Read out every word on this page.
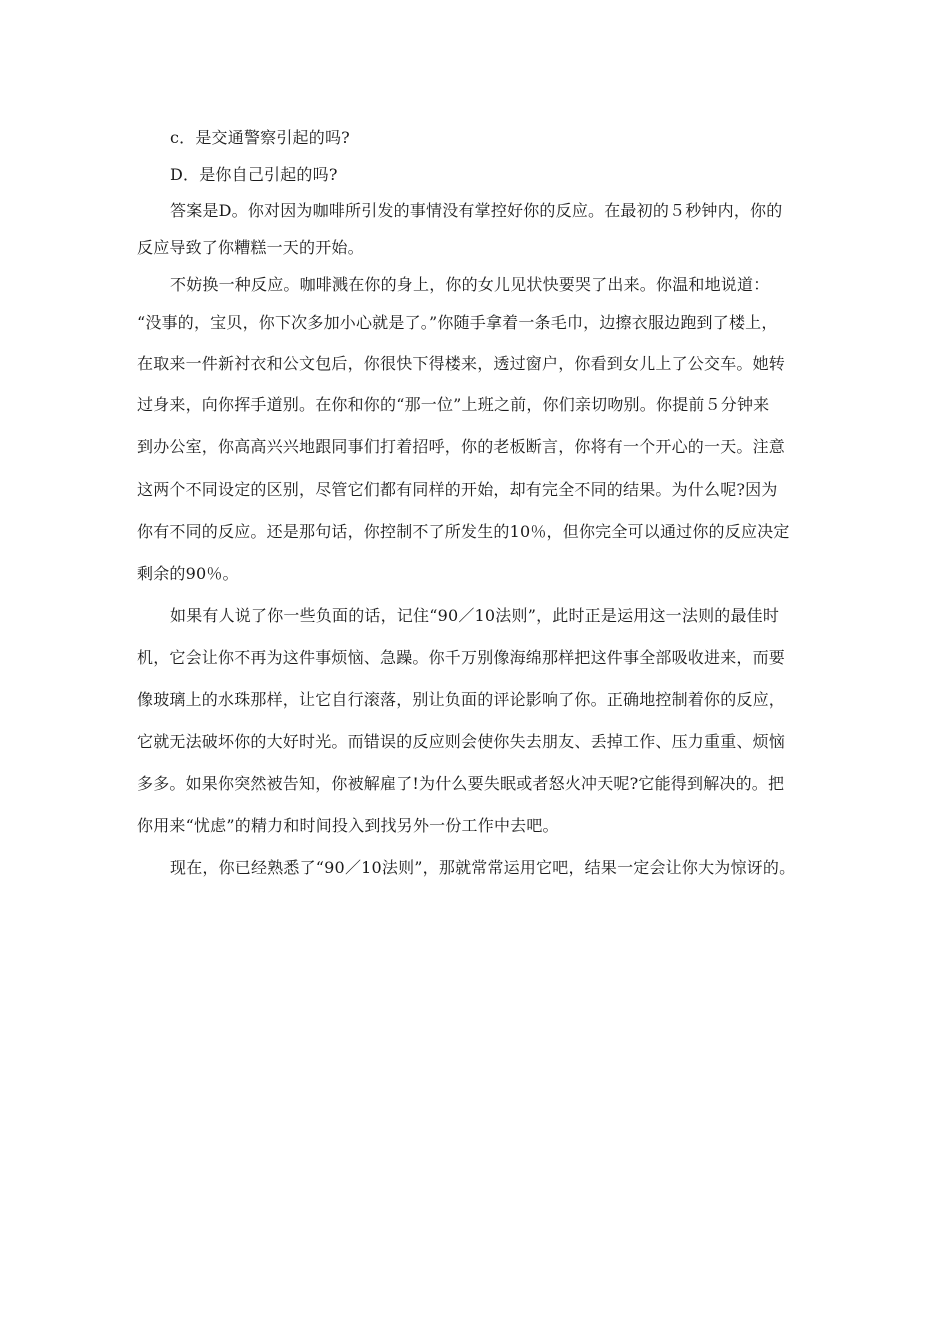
c．是交通警察引起的吗?
D．是你自己引起的吗?
答案是D。你对因为咖啡所引发的事情没有掌控好你的反应。在最初的５秒钟内，你的
反应导致了你糟糕一天的开始。
不妨换一种反应。咖啡溅在你的身上，你的女儿见状快要哭了出来。你温和地说道：
“没事的，宝贝，你下次多加小心就是了。”你随手拿着一条毛巾，边擦衣服边跑到了楼上，
在取来一件新衬衣和公文包后，你很快下得楼来，透过窗户，你看到女儿上了公交车。她转
过身来，向你挥手道别。在你和你的“那一位”上班之前，你们亲切吻别。你提前５分钟来
到办公室，你高高兴兴地跟同事们打着招呼，你的老板断言，你将有一个开心的一天。注意
这两个不同设定的区别，尽管它们都有同样的开始，却有完全不同的结果。为什么呢?因为
你有不同的反应。还是那句话，你控制不了所发生的10％，但你完全可以通过你的反应决定
剩余的90％。
如果有人说了你一些负面的话，记住“90／10法则”，此时正是运用这一法则的最佳时
机，它会让你不再为这件事烦恼、急躁。你千万别像海绵那样把这件事全部吸收进来，而要
像玻璃上的水珠那样，让它自行滚落，别让负面的评论影响了你。正确地控制着你的反应，
它就无法破坏你的大好时光。而错误的反应则会使你失去朋友、丢掉工作、压力重重、烦恼
多多。如果你突然被告知，你被解雇了!为什么要失眠或者怒火冲天呢?它能得到解决的。把
你用来“忧虑”的精力和时间投入到找另外一份工作中去吧。
现在，你已经熟悉了“90／10法则”，那就常常运用它吧，结果一定会让你大为惊讶的。
